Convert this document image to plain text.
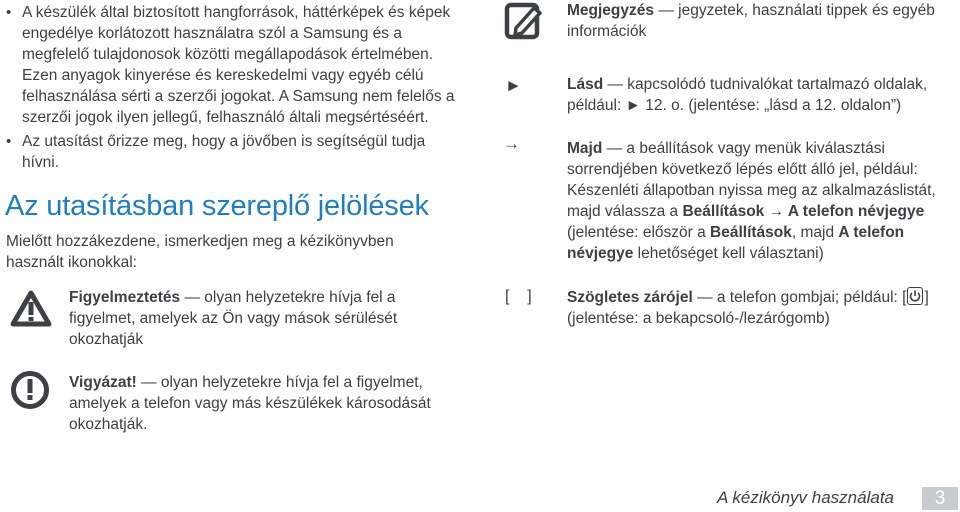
• A készülék által biztosított hangforrások, háttérképek és képek engedélye korlátozott használatra szól a Samsung és a megfelelő tulajdonosok közötti megállapodások értelmében. Ezen anyagok kinyerése és kereskedelmi vagy egyéb célú felhasználása sérti a szerzői jogokat. A Samsung nem felelős a szerzői jogok ilyen jellegű, felhasználó általi megsértéséért.
• Az utasítást őrizze meg, hogy a jövőben is segítségül tudja hívni.
Az utasításban szereplő jelölések

Mielőtt hozzákezdene, ismerkedjen meg a kézikönyvben használt ikonokkal:

Figyelmeztetés — olyan helyzetekre hívja fel a figyelmet, amelyek az Ön vagy mások sérülését okozhatják

Vigyázat! — olyan helyzetekre hívja fel a figyelmet, amelyek a telefon vagy más készülékek károsodását okozhatják.

Megjegyzés — jegyzetek, használati tippek és egyéb információk

►	Lásd — kapcsolódó tudnivalókat tartalmazó oldalak, például: ► 12. o. (jelentése: „lásd a 12. oldalon”)

→	Majd — a beállítások vagy menük kiválasztási sorrendjében következő lépés előtt álló jel, például: Készenléti állapotban nyissa meg az alkalmazáslistát, majd válassza a Beállítások → A telefon névjegye (jelentése: először a Beállítások, majd A telefon névjegye lehetőséget kell választani)

[    ] Szögletes zárójel — a telefon gombjai; például: [ ] (jelentése: a bekapcsoló-/lezárógomb)

A kézikönyv használata	3
